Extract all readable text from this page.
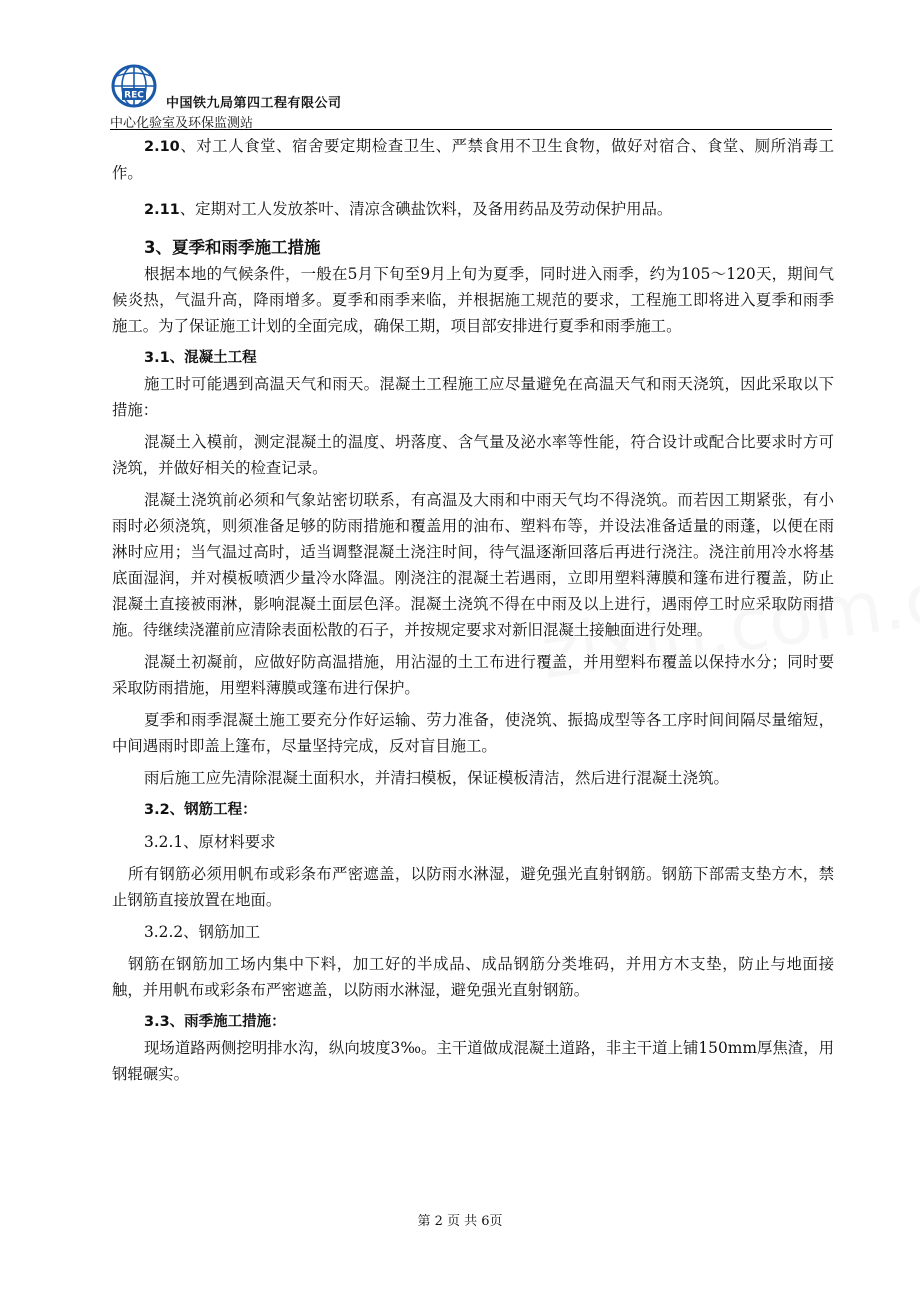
REC
中国铁九局第四工程有限公司
中心化验室及环保监测站

2.10、对工人食堂、宿舍要定期检查卫生、严禁食用不卫生食物，做好对宿合、食堂、厕所消毒工作。

2.11、定期对工人发放茶叶、清凉含碘盐饮料，及备用药品及劳动保护用品。

3、夏季和雨季施工措施

根据本地的气候条件，一般在5月下旬至9月上旬为夏季，同时进入雨季，约为105～120天，期间气候炎热，气温升高，降雨增多。夏季和雨季来临，并根据施工规范的要求，工程施工即将进入夏季和雨季施工。为了保证施工计划的全面完成，确保工期，项目部安排进行夏季和雨季施工。

3.1、混凝土工程

施工时可能遇到高温天气和雨天。混凝土工程施工应尽量避免在高温天气和雨天浇筑，因此采取以下措施：

混凝土入模前，测定混凝土的温度、坍落度、含气量及泌水率等性能，符合设计或配合比要求时方可浇筑，并做好相关的检查记录。

混凝土浇筑前必须和气象站密切联系，有高温及大雨和中雨天气均不得浇筑。而若因工期紧张，有小雨时必须浇筑，则须准备足够的防雨措施和覆盖用的油布、塑料布等，并设法准备适量的雨蓬，以便在雨淋时应用；当气温过高时，适当调整混凝土浇注时间，待气温逐渐回落后再进行浇注。浇注前用冷水将基底面湿润，并对模板喷洒少量冷水降温。刚浇注的混凝土若遇雨，立即用塑料薄膜和篷布进行覆盖，防止混凝土直接被雨淋，影响混凝土面层色泽。混凝土浇筑不得在中雨及以上进行，遇雨停工时应采取防雨措施。待继续浇灌前应清除表面松散的石子，并按规定要求对新旧混凝土接触面进行处理。

混凝土初凝前，应做好防高温措施，用沾湿的土工布进行覆盖，并用塑料布覆盖以保持水分；同时要采取防雨措施，用塑料薄膜或篷布进行保护。

夏季和雨季混凝土施工要充分作好运输、劳力准备，使浇筑、振捣成型等各工序时间间隔尽量缩短，中间遇雨时即盖上篷布，尽量坚持完成，反对盲目施工。

雨后施工应先清除混凝土面积水，并清扫模板，保证模板清洁，然后进行混凝土浇筑。

3.2、钢筋工程：

3.2.1、原材料要求

所有钢筋必须用帆布或彩条布严密遮盖，以防雨水淋湿，避免强光直射钢筋。钢筋下部需支垫方木，禁止钢筋直接放置在地面。

3.2.2、钢筋加工

钢筋在钢筋加工场内集中下料，加工好的半成品、成品钢筋分类堆码，并用方木支垫，防止与地面接触，并用帆布或彩条布严密遮盖，以防雨水淋湿，避免强光直射钢筋。

3.3、雨季施工措施：

现场道路两侧挖明排水沟，纵向坡度3‰。主干道做成混凝土道路，非主干道上铺150mm厚焦渣，用钢辊碾实。

第 2 页 共 6页
